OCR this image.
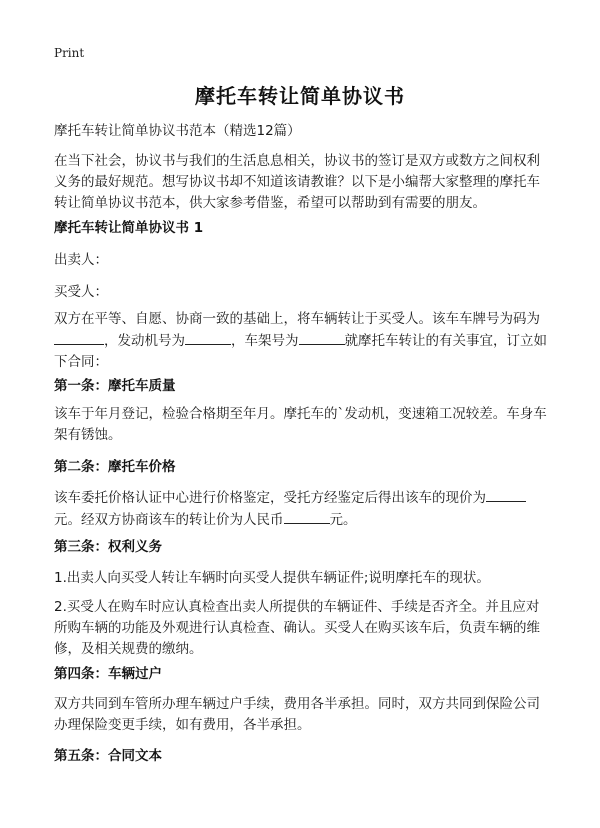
Print
摩托车转让简单协议书
摩托车转让简单协议书范本（精选12篇）
在当下社会，协议书与我们的生活息息相关，协议书的签订是双方或数方之间权利义务的最好规范。想写协议书却不知道该请教谁？以下是小编帮大家整理的摩托车转让简单协议书范本，供大家参考借鉴，希望可以帮助到有需要的朋友。
摩托车转让简单协议书 1
出卖人：
买受人：
双方在平等、自愿、协商一致的基础上，将车辆转让于买受人。该车车牌号为码为，发动机号为	，车架号为	就摩托车转让的有关事宜，订立如下合同：
第一条：摩托车质量
该车于年月登记，检验合格期至年月。摩托车的`发动机，变速箱工况较差。车身车架有锈蚀。
第二条：摩托车价格
该车委托价格认证中心进行价格鉴定，受托方经鉴定后得出该车的现价为元。经双方协商该车的转让价为人民币	元。
第三条：权利义务
1.出卖人向买受人转让车辆时向买受人提供车辆证件;说明摩托车的现状。
2.买受人在购车时应认真检查出卖人所提供的车辆证件、手续是否齐全。并且应对所购车辆的功能及外观进行认真检查、确认。买受人在购买该车后，负责车辆的维修，及相关规费的缴纳。
第四条：车辆过户
双方共同到车管所办理车辆过户手续，费用各半承担。同时，双方共同到保险公司办理保险变更手续，如有费用，各半承担。
第五条：合同文本
